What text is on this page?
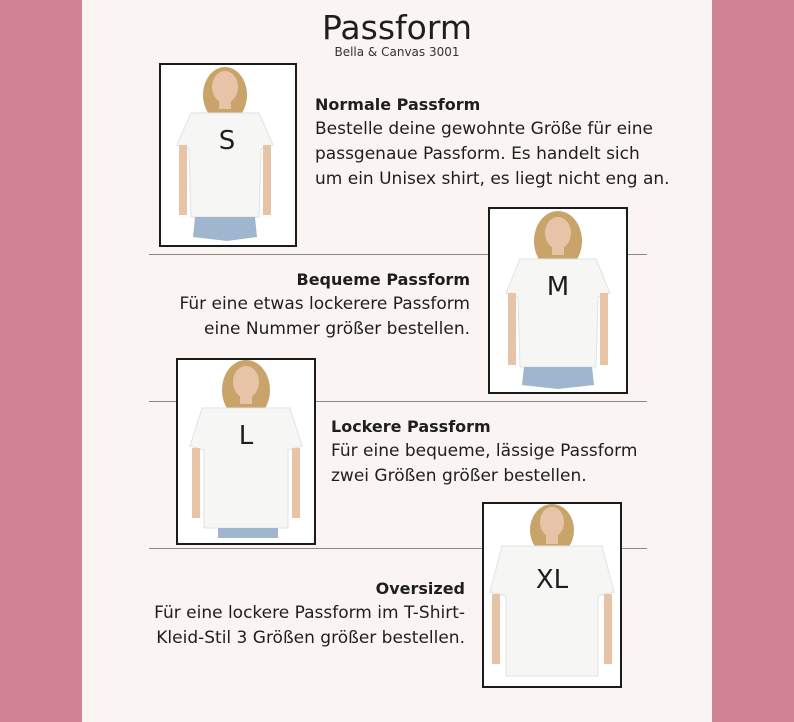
Passform
Bella & Canvas 3001
S
Normale Passform
Bestelle deine gewohnte Größe für eine
passgenaue Passform. Es handelt sich
um ein Unisex shirt, es liegt nicht eng an.
M
Bequeme Passform
Für eine etwas lockerere Passform
eine Nummer größer bestellen.
L	Lockere Passform
Für eine bequeme, lässige Passform
zwei Größen größer bestellen.
XL
Oversized
Für eine lockere Passform im T-Shirt-
Kleid-Stil 3 Größen größer bestellen.
